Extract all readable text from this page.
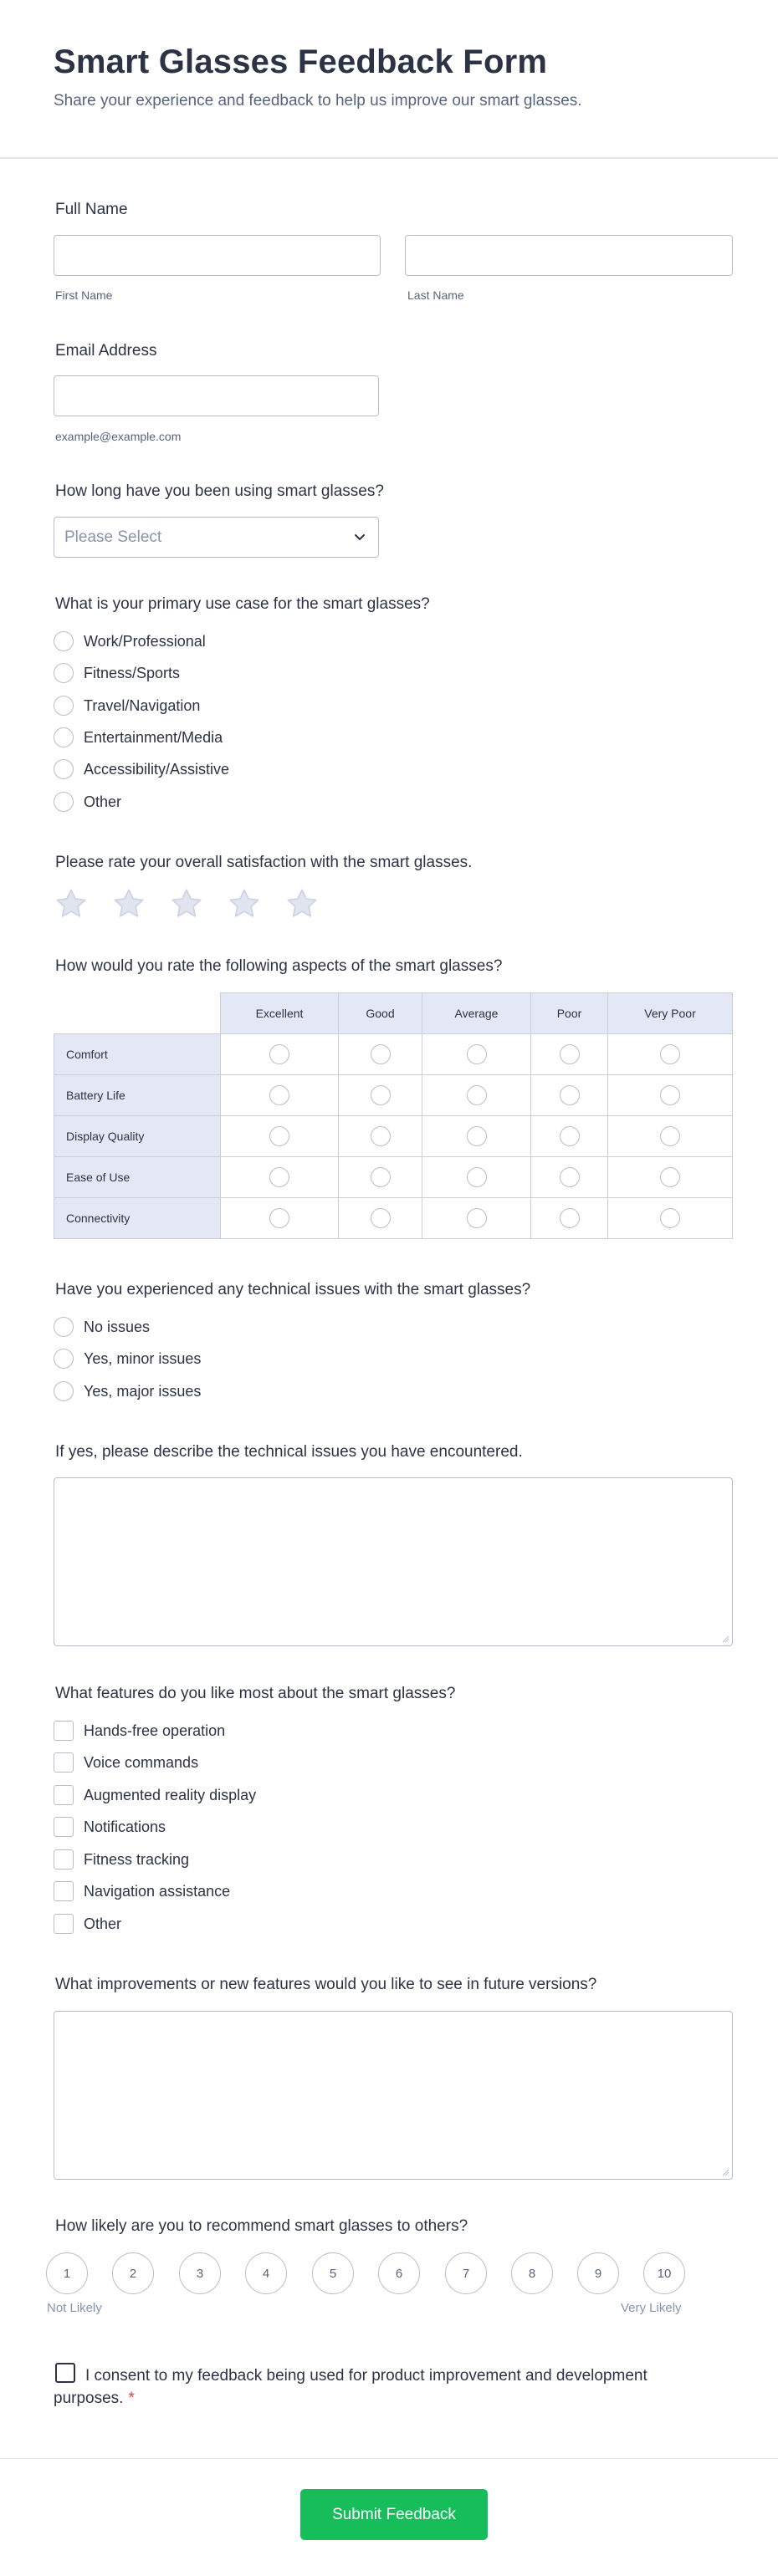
Smart Glasses Feedback Form

Share your experience and feedback to help us improve our smart glasses.

Full Name
First Name	Last Name
Email Address
example@example.com
How long have you been using smart glasses?
Please Select
What is your primary use case for the smart glasses?
Work/Professional
Fitness/Sports
Travel/Navigation
Entertainment/Media
Accessibility/Assistive
Other
Please rate your overall satisfaction with the smart glasses.
How would you rate the following aspects of the smart glasses?
Excellent	Good	Average	Poor	Very Poor
Comfort
Battery Life
Display Quality
Ease of Use
Connectivity
Have you experienced any technical issues with the smart glasses?
No issues
Yes, minor issues
Yes, major issues
If yes, please describe the technical issues you have encountered.
What features do you like most about the smart glasses?
Hands-free operation
Voice commands
Augmented reality display
Notifications
Fitness tracking
Navigation assistance
Other
What improvements or new features would you like to see in future versions?
How likely are you to recommend smart glasses to others?
1	2	3	4	5	6	7	8	9	10
Not Likely	Very Likely
I consent to my feedback being used for product improvement and development purposes. *
Submit Feedback
